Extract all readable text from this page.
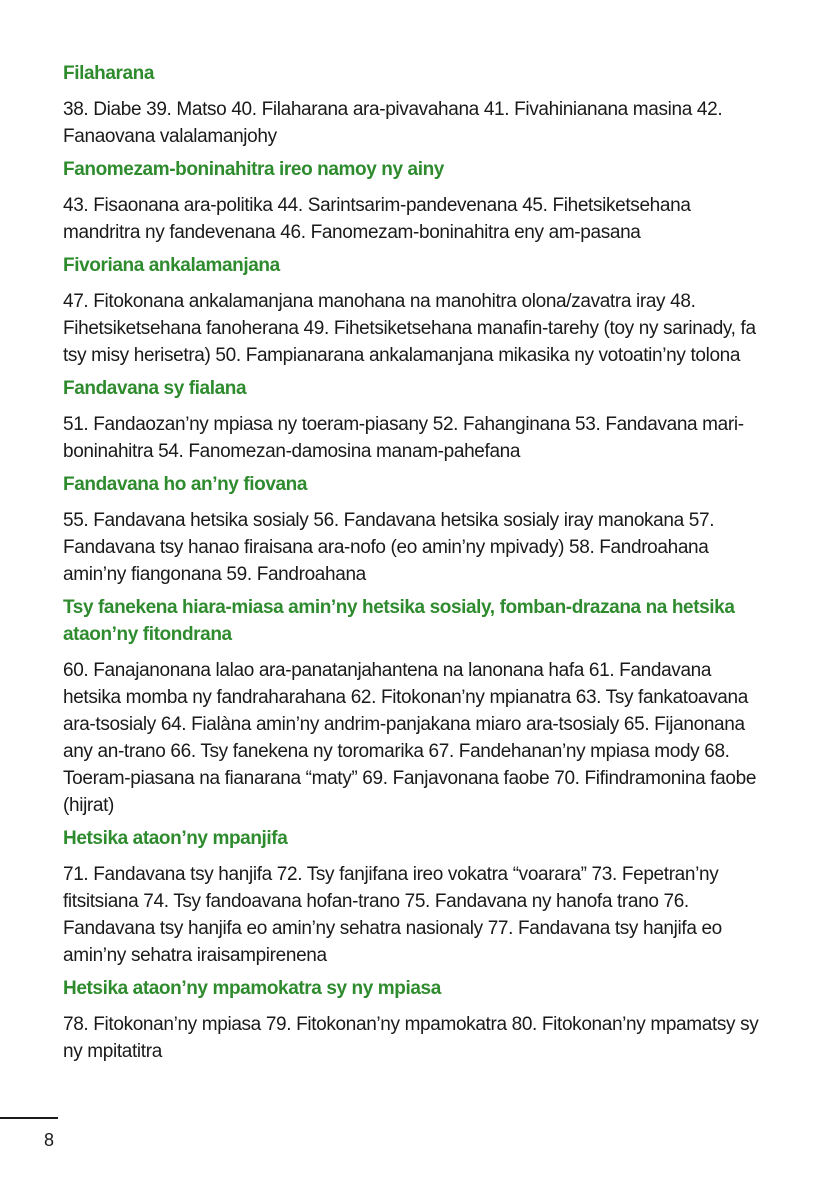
Filaharana

38. Diabe 39. Matso 40. Filaharana ara-pivavahana 41. Fivahinianana masina 42. Fanaovana valalamanjohy

Fanomezam-boninahitra ireo namoy ny ainy

43. Fisaonana ara-politika 44. Sarintsarim-pandevenana 45. Fihetsiketsehana mandritra ny fandevenana 46. Fanomezam-boninahitra eny am-pasana

Fivoriana ankalamanjana

47. Fitokonana ankalamanjana manohana na manohitra olona/zavatra iray 48. Fihetsiketsehana fanoherana 49. Fihetsiketsehana manafin-tarehy (toy ny sarinady, fa tsy misy herisetra) 50. Fampianarana ankalamanjana mikasika ny votoatin’ny tolona

Fandavana sy fialana

51. Fandaozan’ny mpiasa ny toeram-piasany 52. Fahanginana 53. Fandavana mari-boninahitra 54. Fanomezan-damosina manam-pahefana

Fandavana ho an’ny fiovana

55. Fandavana hetsika sosialy 56. Fandavana hetsika sosialy iray manokana 57. Fandavana tsy hanao firaisana ara-nofo (eo amin’ny mpivady) 58. Fandroahana amin’ny fiangonana 59. Fandroahana

Tsy fanekena hiara-miasa amin’ny hetsika sosialy, fomban-drazana na hetsika ataon’ny fitondrana

60. Fanajanonana lalao ara-panatanjahantena na lanonana hafa 61. Fandavana hetsika momba ny fandraharahana 62. Fitokonan’ny mpianatra 63. Tsy fankatoavana ara-tsosialy 64. Fialàna amin’ny andrim-panjakana miaro ara-tsosialy 65. Fijanonana any an-trano 66. Tsy fanekena ny toromarika 67. Fandehanan’ny mpiasa mody 68. Toeram-piasana na fianarana “maty” 69. Fanjavonana faobe 70. Fifindramonina faobe (hijrat)

Hetsika ataon’ny mpanjifa

71. Fandavana tsy hanjifa 72. Tsy fanjifana ireo vokatra “voarara” 73. Fepetran’ny fitsitsiana 74. Tsy fandoavana hofan-trano 75. Fandavana ny hanofa trano 76. Fandavana tsy hanjifa eo amin’ny sehatra nasionaly 77. Fandavana tsy hanjifa eo amin’ny sehatra iraisampirenena

Hetsika ataon’ny mpamokatra sy ny mpiasa

78. Fitokonan’ny mpiasa 79. Fitokonan’ny mpamokatra 80. Fitokonan’ny mpamatsy sy ny mpitatitra

8
